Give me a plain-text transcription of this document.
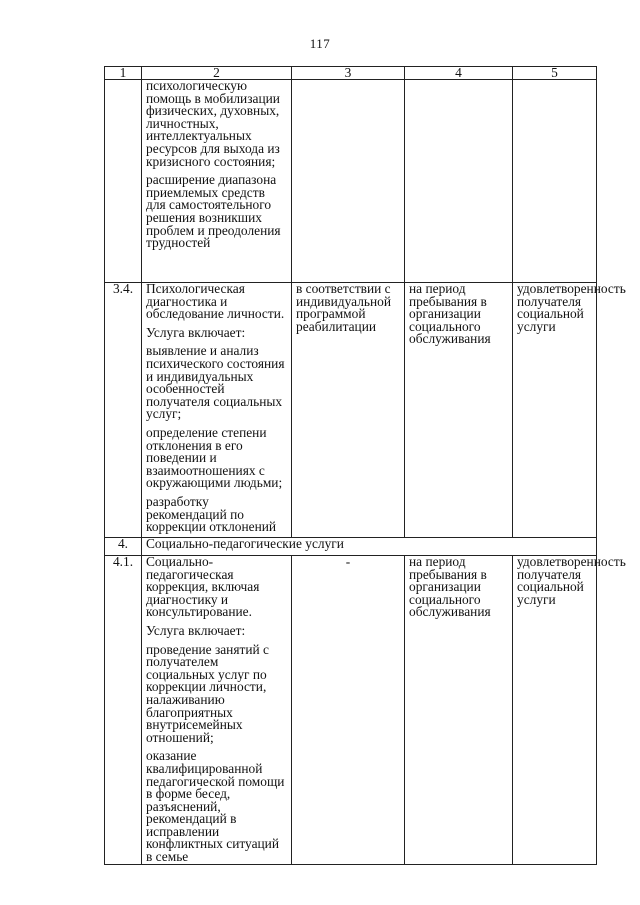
117
1	2	3	4	5

	психологическую помощь в мобилизации физических, духовных, личностных, интеллектуальных ресурсов для выхода из кризисного состояния;

расширение диапазона приемлемых средств для самостоятельного решения возникших проблем и преодоления трудностей			

3.4.	Психологическая диагностика и обследование личности.

Услуга включает:

выявление и анализ психического состояния и индивидуальных особенностей получателя социальных услуг;

определение степени отклонения в его поведении и взаимоотношениях с окружающими людьми;

разработку рекомендаций по коррекции отклонений	в соответствии с индивидуальной программой реабилитации	на период пребывания в организации социального обслуживания	удовлетворенность получателя социальной услуги
4.	Социально-педагогические услуги			
4.1.	Социально-педагогическая коррекция, включая диагностику и консультирование.

Услуга включает:

проведение занятий с получателем социальных услуг по коррекции личности, налаживанию благоприятных внутрисемейных отношений;

оказание квалифицированной педагогической помощи в форме бесед, разъяснений, рекомендаций в исправлении конфликтных ситуаций в семье	-	на период пребывания в организации социального обслуживания	удовлетворенность получателя социальной услуги
